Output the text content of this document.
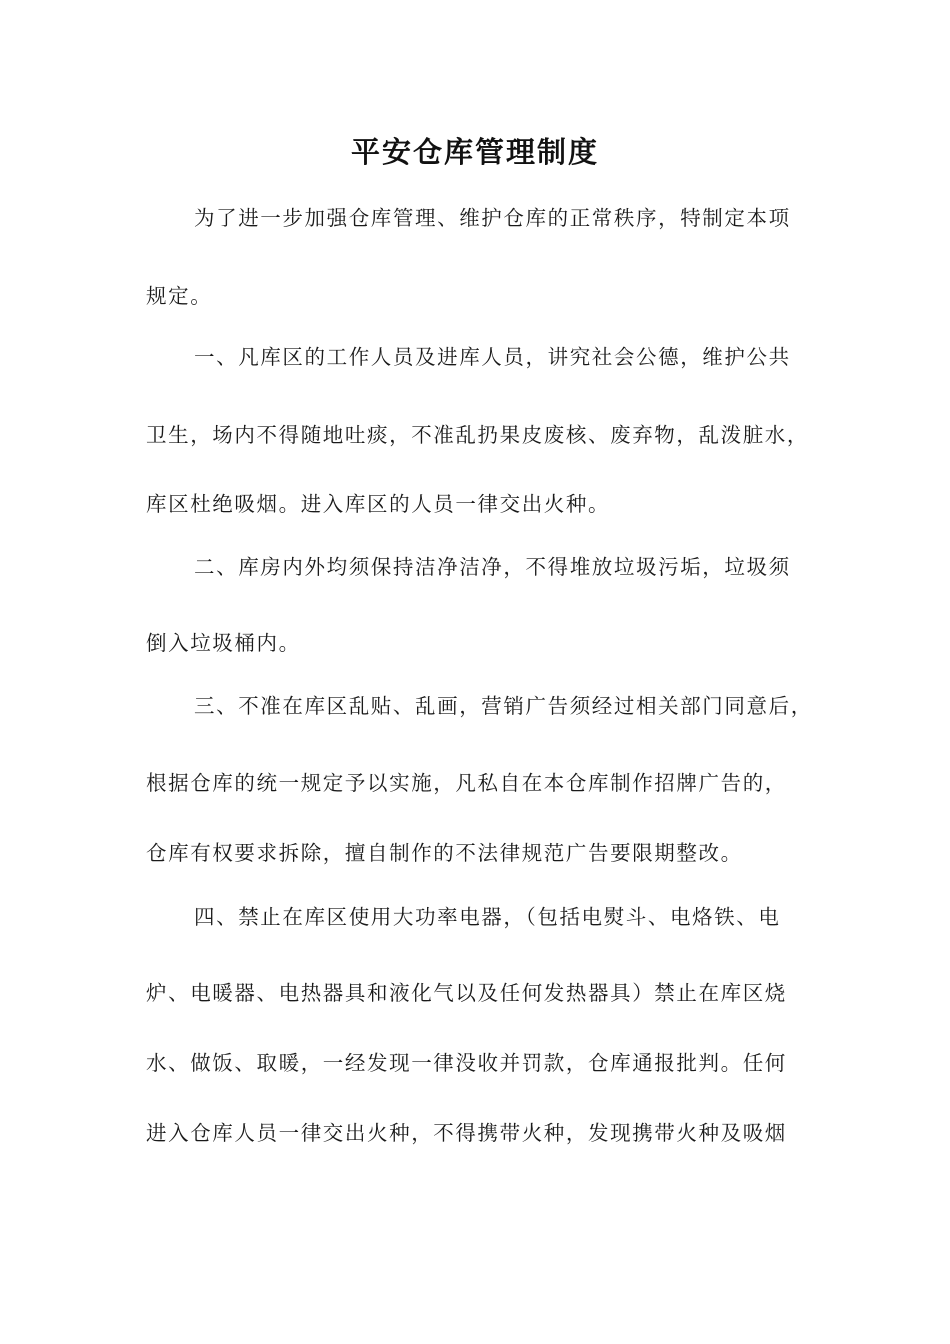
平安仓库管理制度
为了进一步加强仓库管理、维护仓库的正常秩序，特制定本项
规定。
一、凡库区的工作人员及进库人员，讲究社会公德，维护公共
卫生，场内不得随地吐痰，不准乱扔果皮废核、废弃物，乱泼脏水，
库区杜绝吸烟。进入库区的人员一律交出火种。
二、库房内外均须保持洁净洁净，不得堆放垃圾污垢，垃圾须
倒入垃圾桶内。
三、不准在库区乱贴、乱画，营销广告须经过相关部门同意后，
根据仓库的统一规定予以实施，凡私自在本仓库制作招牌广告的，
仓库有权要求拆除，擅自制作的不法律规范广告要限期整改。
四、禁止在库区使用大功率电器，（包括电熨斗、电烙铁、电
炉、电暖器、电热器具和液化气以及任何发热器具）禁止在库区烧
水、做饭、取暖，一经发现一律没收并罚款，仓库通报批判。任何
进入仓库人员一律交出火种，不得携带火种，发现携带火种及吸烟
